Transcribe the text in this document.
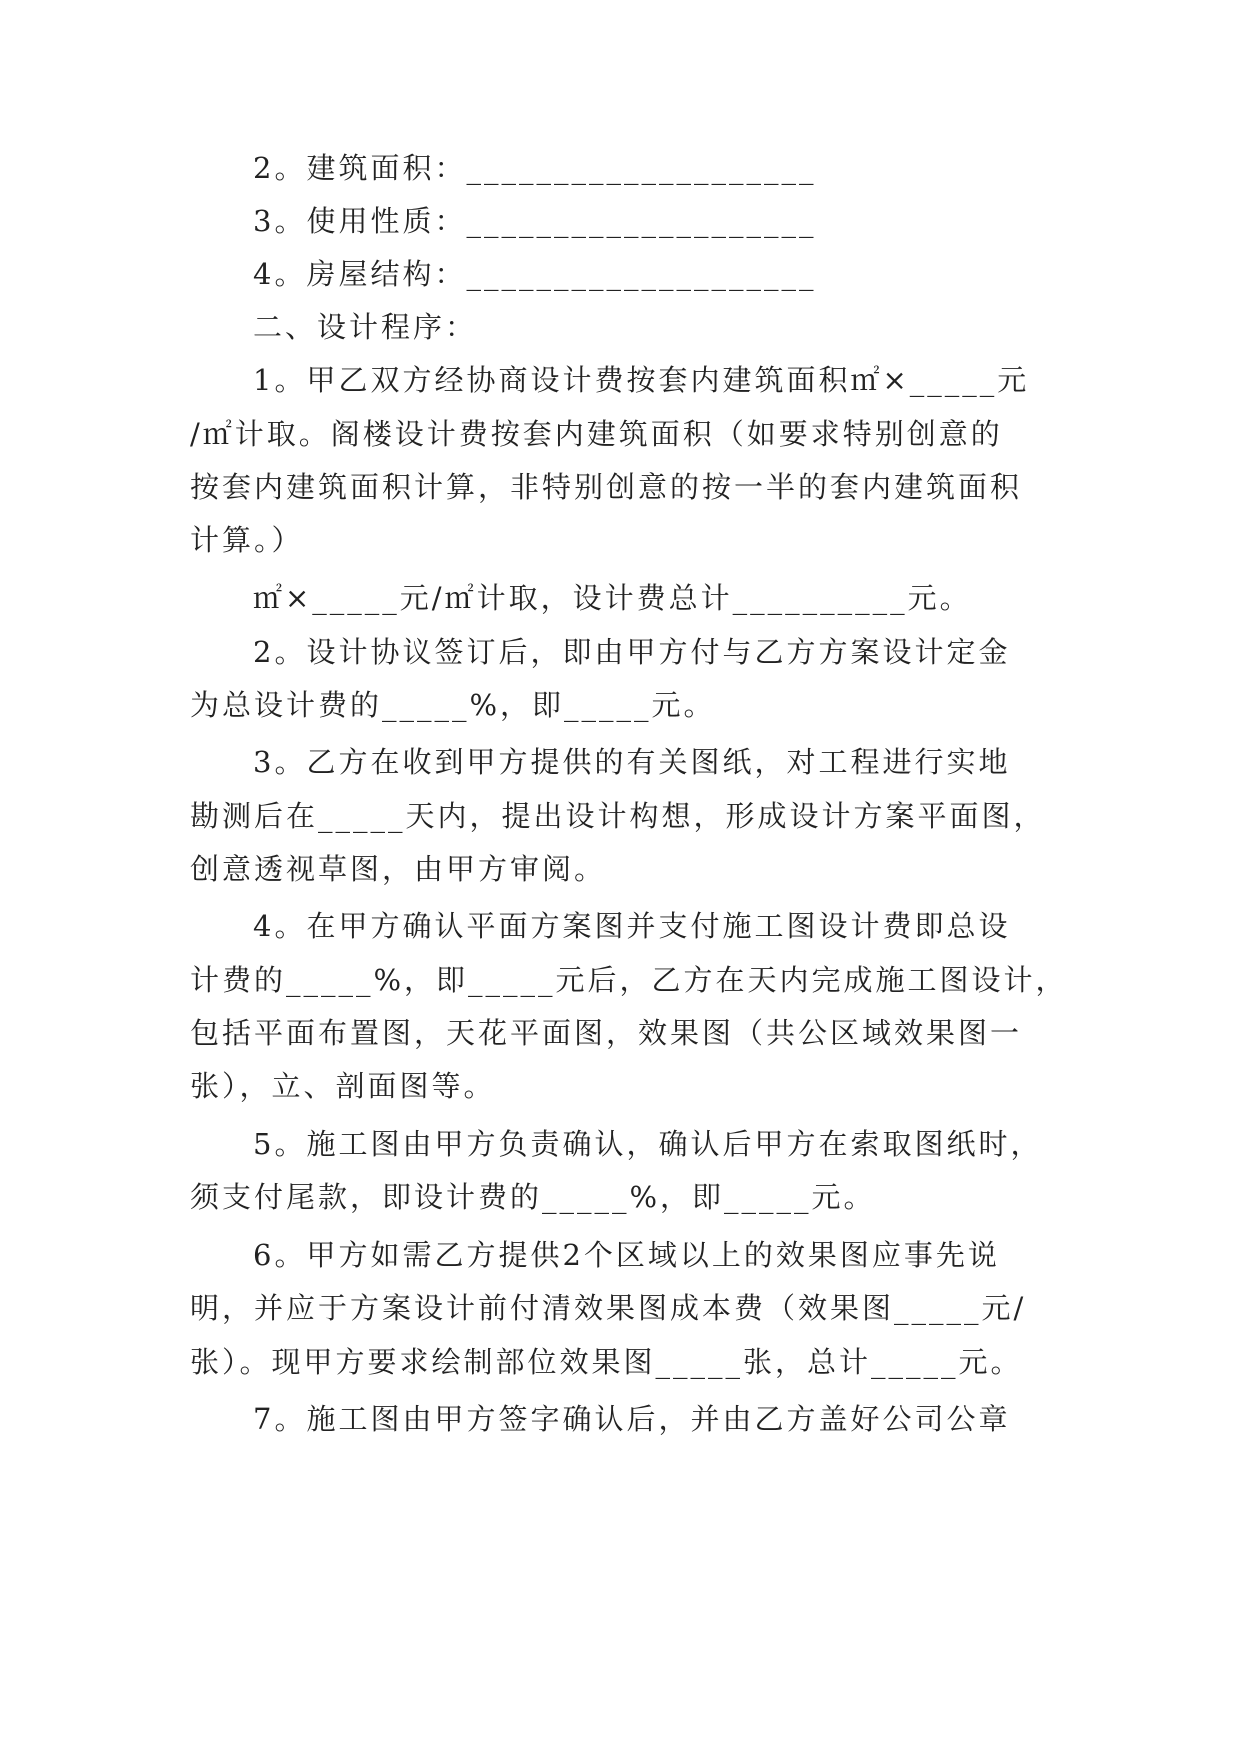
2。建筑面积：____________________
3。使用性质：____________________
4。房屋结构：____________________
二、设计程序：
1。甲乙双方经协商设计费按套内建筑面积㎡×_____元
/㎡计取。阁楼设计费按套内建筑面积（如要求特别创意的
按套内建筑面积计算，非特别创意的按一半的套内建筑面积
计算。）
㎡×_____元/㎡计取，设计费总计__________元。
2。设计协议签订后，即由甲方付与乙方方案设计定金
为总设计费的_____%，即_____元。
3。乙方在收到甲方提供的有关图纸，对工程进行实地
勘测后在_____天内，提出设计构想，形成设计方案平面图，
创意透视草图，由甲方审阅。
4。在甲方确认平面方案图并支付施工图设计费即总设
计费的_____%，即_____元后，乙方在天内完成施工图设计，
包括平面布置图，天花平面图，效果图（共公区域效果图一
张），立、剖面图等。
5。施工图由甲方负责确认，确认后甲方在索取图纸时，
须支付尾款，即设计费的_____%，即_____元。
6。甲方如需乙方提供2个区域以上的效果图应事先说
明，并应于方案设计前付清效果图成本费（效果图_____元/
张）。现甲方要求绘制部位效果图_____张，总计_____元。
7。施工图由甲方签字确认后，并由乙方盖好公司公章
